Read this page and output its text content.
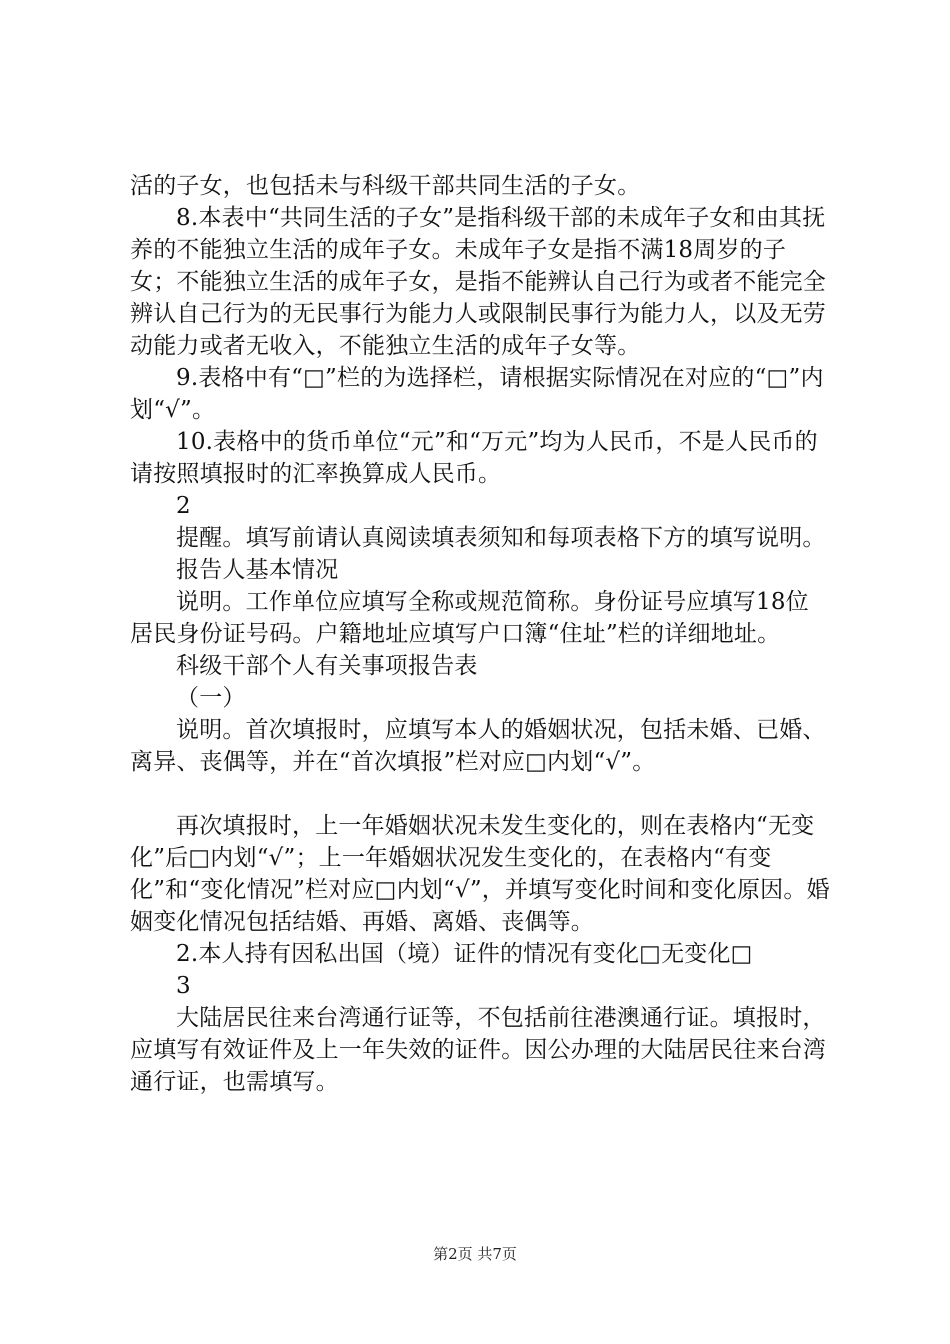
活的子女，也包括未与科级干部共同生活的子女。

8.本表中“共同生活的子女”是指科级干部的未成年子女和由其抚养的不能独立生活的成年子女。未成年子女是指不满18周岁的子女；不能独立生活的成年子女，是指不能辨认自己行为或者不能完全辨认自己行为的无民事行为能力人或限制民事行为能力人，以及无劳动能力或者无收入，不能独立生活的成年子女等。

9.表格中有“□”栏的为选择栏，请根据实际情况在对应的“□”内划“√”。

10.表格中的货币单位“元”和“万元”均为人民币，不是人民币的请按照填报时的汇率换算成人民币。

2

提醒。填写前请认真阅读填表须知和每项表格下方的填写说明。

报告人基本情况

说明。工作单位应填写全称或规范简称。身份证号应填写18位居民身份证号码。户籍地址应填写户口簿“住址”栏的详细地址。

科级干部个人有关事项报告表

（一）

说明。首次填报时，应填写本人的婚姻状况，包括未婚、已婚、离异、丧偶等，并在“首次填报”栏对应□内划“√”。

再次填报时，上一年婚姻状况未发生变化的，则在表格内“无变化”后□内划“√”；上一年婚姻状况发生变化的，在表格内“有变化”和“变化情况”栏对应□内划“√”，并填写变化时间和变化原因。婚姻变化情况包括结婚、再婚、离婚、丧偶等。

2.本人持有因私出国（境）证件的情况有变化□无变化□

3

大陆居民往来台湾通行证等，不包括前往港澳通行证。填报时，应填写有效证件及上一年失效的证件。因公办理的大陆居民往来台湾通行证，也需填写。

第2页 共7页
